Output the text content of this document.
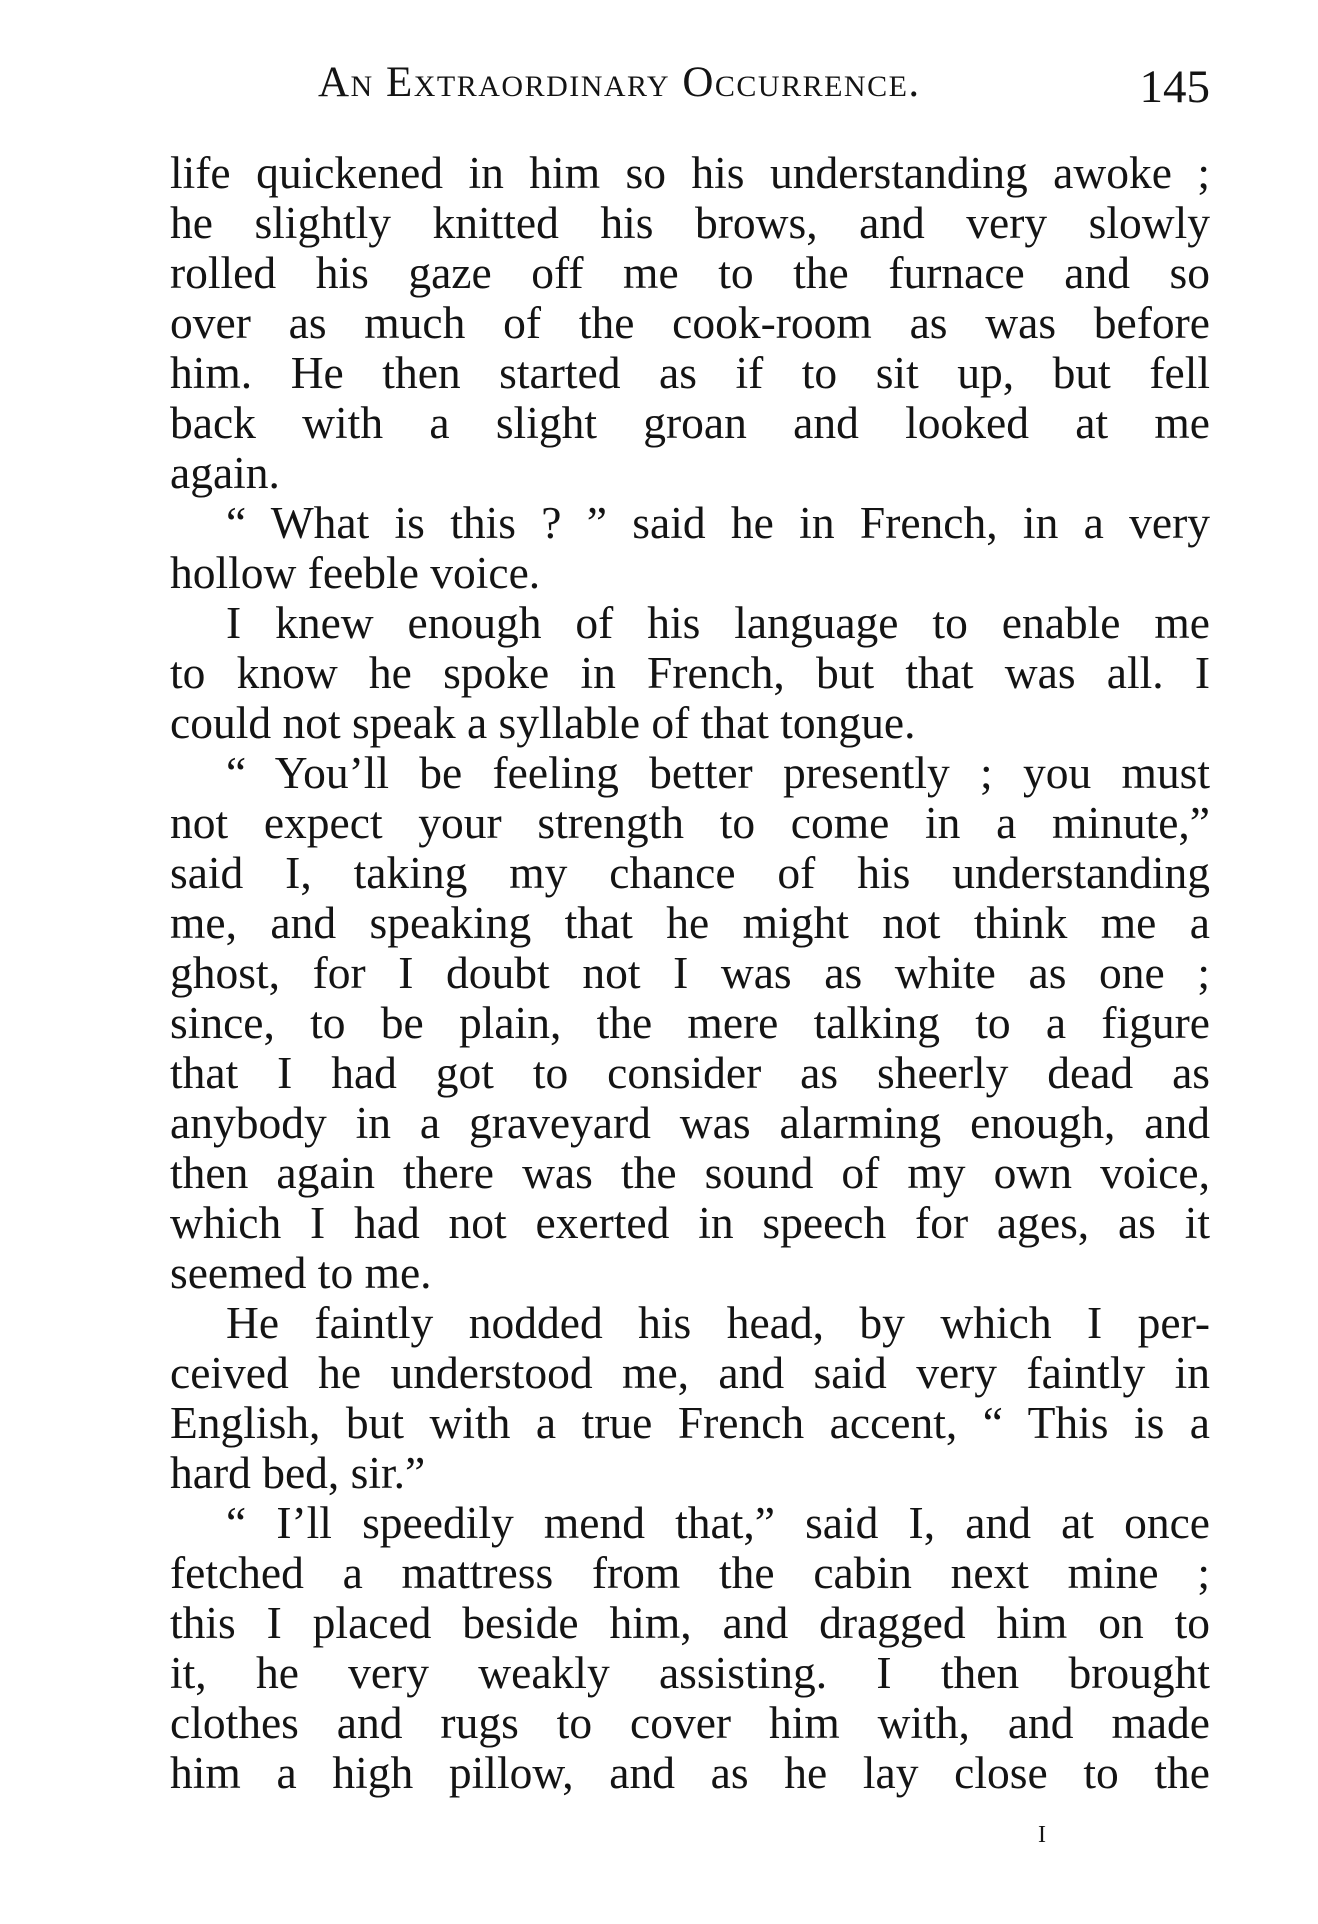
An Extraordinary Occurrence.	145
life quickened in him so his understanding awoke ;
he slightly knitted his brows, and very slowly
rolled his gaze off me to the furnace and so
over as much of the cook-room as was before
him. He then started as if to sit up, but fell
back with a slight groan and looked at me
again.
“ What is this ? ” said he in French, in a very
hollow feeble voice.
I knew enough of his language to enable me
to know he spoke in French, but that was all. I
could not speak a syllable of that tongue.
“ You’ll be feeling better presently ; you must
not expect your strength to come in a minute,”
said I, taking my chance of his understanding
me, and speaking that he might not think me a
ghost, for I doubt not I was as white as one ;
since, to be plain, the mere talking to a figure
that I had got to consider as sheerly dead as
anybody in a graveyard was alarming enough, and
then again there was the sound of my own voice,
which I had not exerted in speech for ages, as it
seemed to me.
He faintly nodded his head, by which I per-
ceived he understood me, and said very faintly in
English, but with a true French accent, “ This is a
hard bed, sir.”
“ I’ll speedily mend that,” said I, and at once
fetched a mattress from the cabin next mine ;
this I placed beside him, and dragged him on to
it, he very weakly assisting. I then brought
clothes and rugs to cover him with, and made
him a high pillow, and as he lay close to the
I
